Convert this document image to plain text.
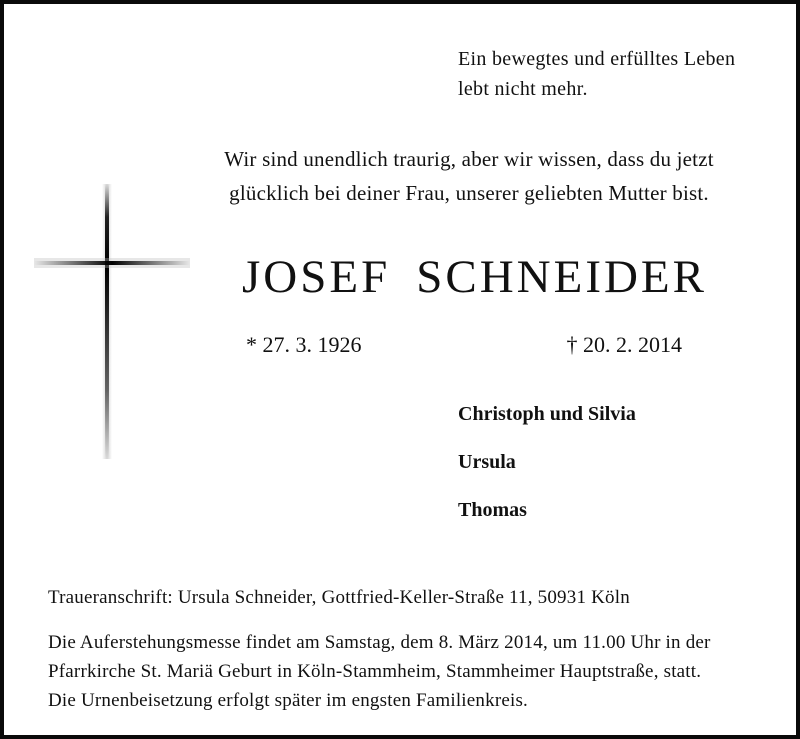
Ein bewegtes und erfülltes Leben
lebt nicht mehr.
Wir sind unendlich traurig, aber wir wissen, dass du jetzt
glücklich bei deiner Frau, unserer geliebten Mutter bist.
JOSEF SCHNEIDER
* 27. 3. 1926	† 20. 2. 2014
Christoph und Silvia
Ursula
Thomas
Traueranschrift: Ursula Schneider, Gottfried-Keller-Straße 11, 50931 Köln
Die Auferstehungsmesse findet am Samstag, dem 8. März 2014, um 11.00 Uhr in der
Pfarrkirche St. Mariä Geburt in Köln-Stammheim, Stammheimer Hauptstraße, statt.
Die Urnenbeisetzung erfolgt später im engsten Familienkreis.
